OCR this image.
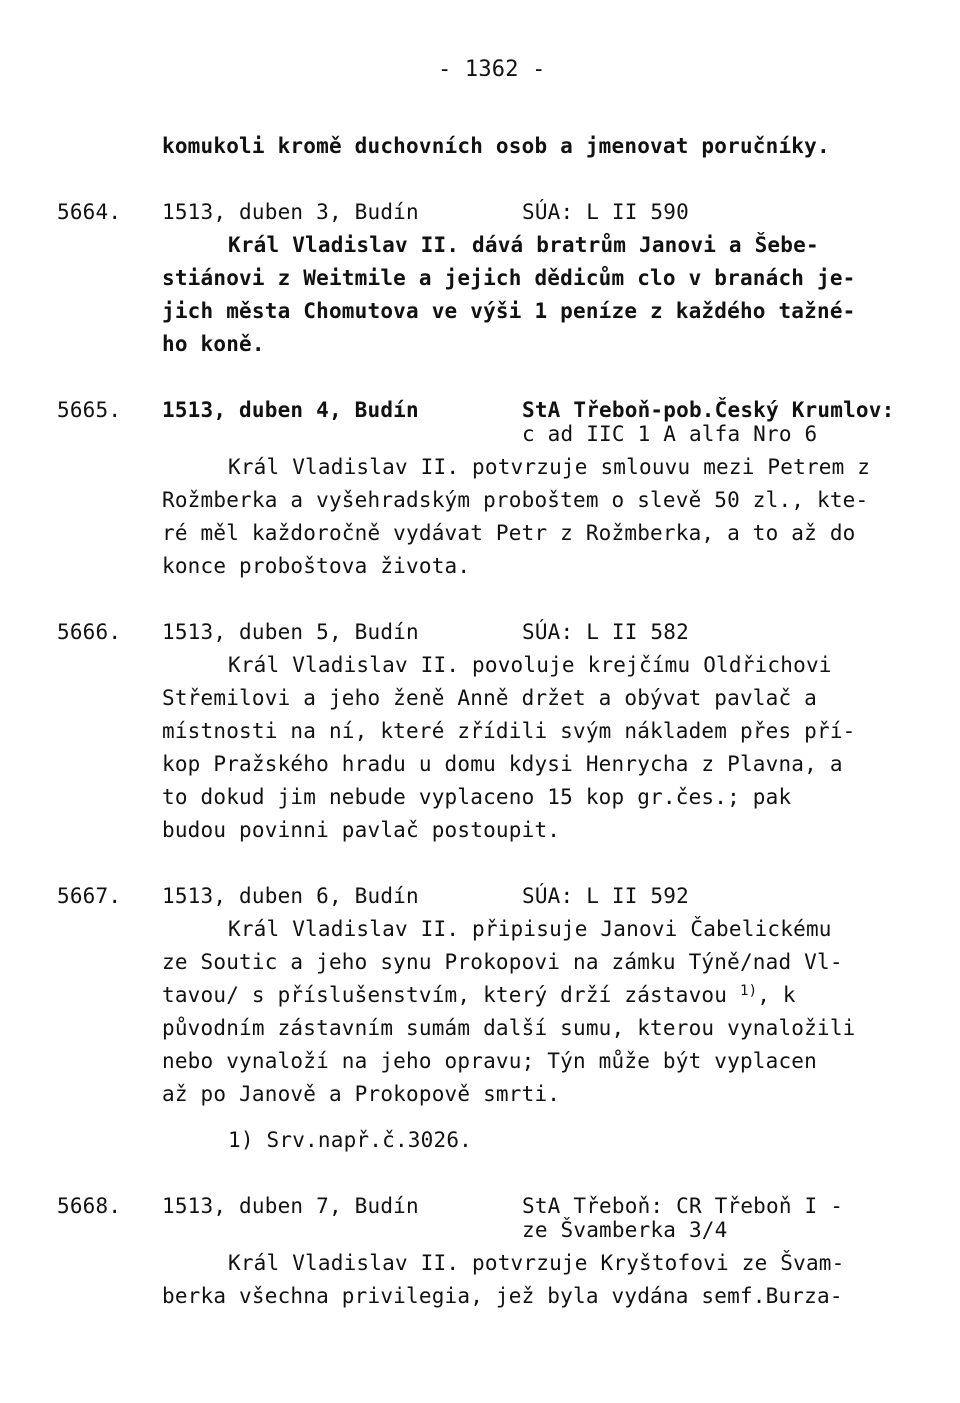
- 1362 -
komukoli kromě duchovních osob a jmenovat poručníky.
5664. 1513, duben 3, Budín	SÚA: L II 590
Král Vladislav II. dává bratrům Janovi a Šebe-
stiánovi z Weitmile a jejich dědicům clo v branách je-
jich města Chomutova ve výši 1 peníze z každého tažné-
ho koně.
5665. 1513, duben 4, Budín	StA Třeboň-pob.Český Krumlov:
c ad IIC 1 A alfa Nro 6
Král Vladislav II. potvrzuje smlouvu mezi Petrem z
Rožmberka a vyšehradským proboštem o slevě 50 zl., kte-
ré měl každoročně vydávat Petr z Rožmberka, a to až do
konce proboštova života.
5666. 1513, duben 5, Budín	SÚA: L II 582
Král Vladislav II. povoluje krejčímu Oldřichovi
Střemilovi a jeho ženě Anně držet a obývat pavlač a
místnosti na ní, které zřídili svým nákladem přes pří-
kop Pražského hradu u domu kdysi Henrycha z Plavna, a
to dokud jim nebude vyplaceno 15 kop gr.čes.; pak
budou povinni pavlač postoupit.
5667. 1513, duben 6, Budín	SÚA: L II 592
Král Vladislav II. připisuje Janovi Čabelickému
ze Soutic a jeho synu Prokopovi na zámku Týně/nad Vl-
tavou/ s příslušenstvím, který drží zástavou $^{1)}$, k
původním zástavním sumám další sumu, kterou vynaložili
nebo vynaloží na jeho opravu; Týn může být vyplacen
až po Janově a Prokopově smrti.
1) Srv.např.č.3026.
5668. 1513, duben 7, Budín	StA Třeboň: CR Třeboň I -
ze Švamberka 3/4
Král Vladislav II. potvrzuje Kryštofovi ze Švam-
berka všechna privilegia, jež byla vydána semf.Burza-
